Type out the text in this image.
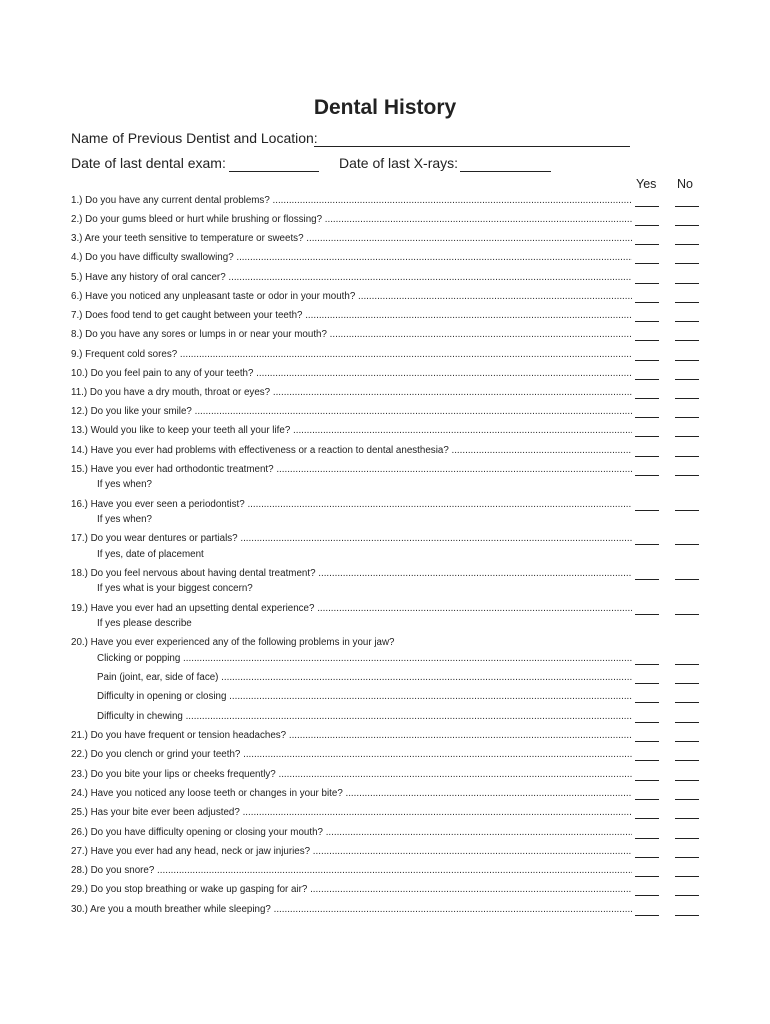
Dental History
Name of Previous Dentist and Location:
Date of last dental exam:	Date of last X-rays:
Yes No
1.) Do you have any current dental problems? .....
2.) Do your gums bleed or hurt while brushing or flossing? .....
3.) Are your teeth sensitive to temperature or sweets? .....
4.) Do you have difficulty swallowing? .....
5.) Have any history of oral cancer? .....
6.) Have you noticed any unpleasant taste or odor in your mouth? .....
7.) Does food tend to get caught between your teeth? .....
8.) Do you have any sores or lumps in or near your mouth? .....
9.) Frequent cold sores? .....
10.) Do you feel pain to any of your teeth? .....
11.) Do you have a dry mouth, throat or eyes? .....
12.) Do you like your smile? .....
13.) Would you like to keep your teeth all your life? .....
14.) Have you ever had problems with effectiveness or a reaction to dental anesthesia? .....
15.) Have you ever had orthodontic treatment? .....
If yes when?
16.) Have you ever seen a periodontist? .....
If yes when?
17.) Do you wear dentures or partials? .....
If yes, date of placement
18.) Do you feel nervous about having dental treatment? .....
If yes what is your biggest concern?
19.) Have you ever had an upsetting dental experience? .....
If yes please describe
20.) Have you ever experienced any of the following problems in your jaw?
Clicking or popping .....
Pain (joint, ear, side of face) .....
Difficulty in opening or closing .....
Difficulty in chewing .....
21.) Do you have frequent or tension headaches? .....
22.) Do you clench or grind your teeth? .....
23.) Do you bite your lips or cheeks frequently? .....
24.) Have you noticed any loose teeth or changes in your bite? .....
25.) Has your bite ever been adjusted? .....
26.) Do you have difficulty opening or closing your mouth? .....
27.) Have you ever had any head, neck or jaw injuries? .....
28.) Do you snore? .....
29.) Do you stop breathing or wake up gasping for air? .....
30.) Are you a mouth breather while sleeping? .....
